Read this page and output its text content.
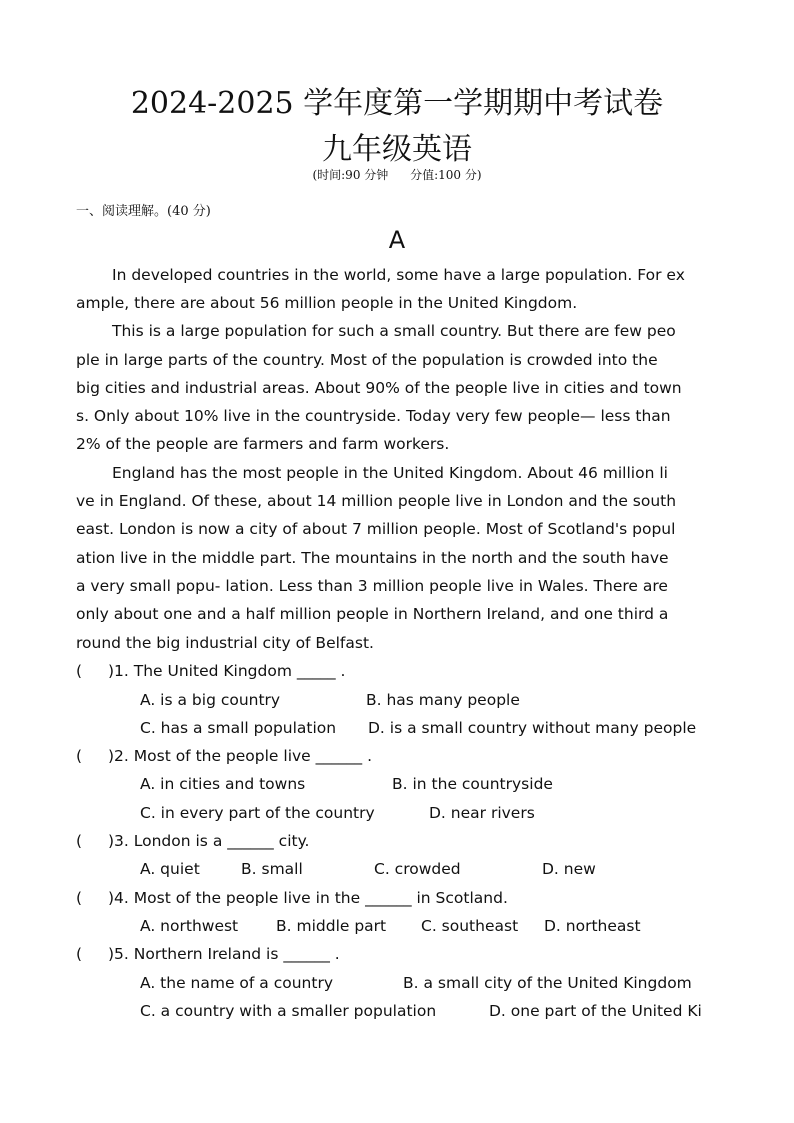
2024-2025 学年度第一学期期中考试卷
九年级英语
(时间:90 分钟 分值:100 分)
一、阅读理解。(40 分)
A
In developed countries in the world, some have a large population. For ex
ample, there are about 56 million people in the United Kingdom.
This is a large population for such a small country. But there are few peo
ple in large parts of the country. Most of the population is crowded into the
big cities and industrial areas. About 90% of the people live in cities and town
s. Only about 10% live in the countryside. Today very few people— less than
2% of the people are farmers and farm workers.
England has the most people in the United Kingdom. About 46 million li
ve in England. Of these, about 14 million people live in London and the south
east. London is now a city of about 7 million people. Most of Scotland's popul
ation live in the middle part. The mountains in the north and the south have
a very small popu- lation. Less than 3 million people live in Wales. There are
only about one and a half million people in Northern Ireland, and one third a
round the big industrial city of Belfast.
( )1. The United Kingdom _____ .
A. is a big country	B. has many people
C. has a small population D. is a small country without many people
( )2. Most of the people live ______ .
A. in cities and towns	B. in the countryside
C. in every part of the country	D. near rivers
( )3. London is a ______ city.
A. quiet	B. small	C. crowded	D. new
( )4. Most of the people live in the ______ in Scotland.
A. northwest B. middle part C. southeast D. northeast
( )5. Northern Ireland is ______ .
A. the name of a country	B. a small city of the United Kingdom
C. a country with a smaller population	D. one part of the United Ki
